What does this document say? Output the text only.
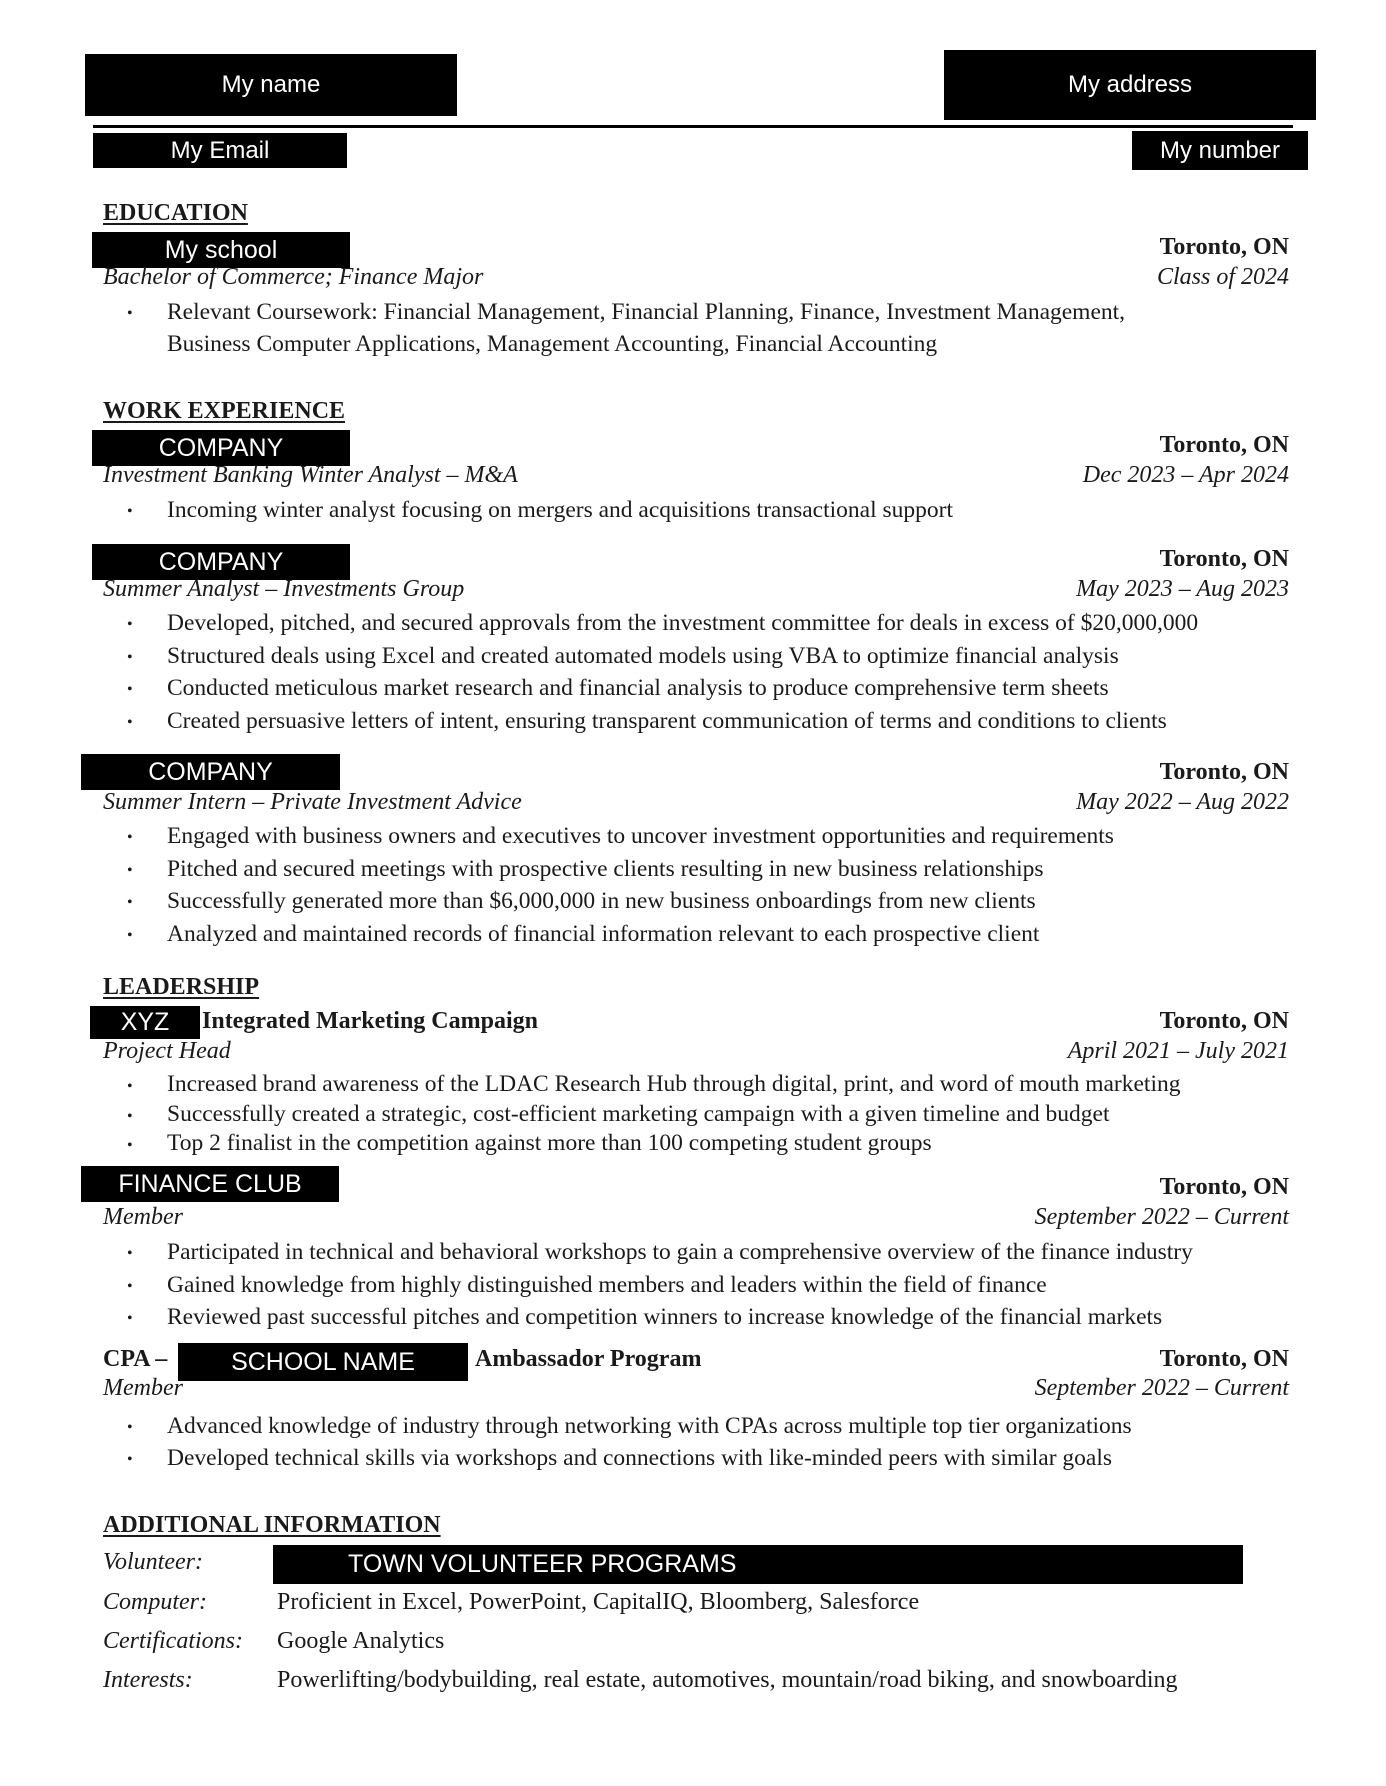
My name	My address
My Email	My number
EDUCATION
My school	Toronto, ON
Bachelor of Commerce; Finance Major	Class of 2024
• Relevant Coursework: Financial Management, Financial Planning, Finance, Investment Management,
Business Computer Applications, Management Accounting, Financial Accounting
WORK EXPERIENCE
COMPANY	Toronto, ON
Investment Banking Winter Analyst – M&A	Dec 2023 – Apr 2024
• Incoming winter analyst focusing on mergers and acquisitions transactional support
COMPANY	Toronto, ON
Summer Analyst – Investments Group	May 2023 – Aug 2023
• Developed, pitched, and secured approvals from the investment committee for deals in excess of $20,000,000
• Structured deals using Excel and created automated models using VBA to optimize financial analysis
• Conducted meticulous market research and financial analysis to produce comprehensive term sheets
• Created persuasive letters of intent, ensuring transparent communication of terms and conditions to clients
COMPANY	Toronto, ON
Summer Intern – Private Investment Advice	May 2022 – Aug 2022
• Engaged with business owners and executives to uncover investment opportunities and requirements
• Pitched and secured meetings with prospective clients resulting in new business relationships
• Successfully generated more than $6,000,000 in new business onboardings from new clients
• Analyzed and maintained records of financial information relevant to each prospective client
LEADERSHIP
XYZ	Integrated Marketing Campaign	Toronto, ON
Project Head	April 2021 – July 2021
• Increased brand awareness of the LDAC Research Hub through digital, print, and word of mouth marketing
• Successfully created a strategic, cost-efficient marketing campaign with a given timeline and budget
• Top 2 finalist in the competition against more than 100 competing student groups
FINANCE CLUB	Toronto, ON
Member	September 2022 – Current
• Participated in technical and behavioral workshops to gain a comprehensive overview of the finance industry
• Gained knowledge from highly distinguished members and leaders within the field of finance
• Reviewed past successful pitches and competition winners to increase knowledge of the financial markets
CPA –	SCHOOL NAME	Ambassador Program	Toronto, ON
Member	September 2022 – Current
• Advanced knowledge of industry through networking with CPAs across multiple top tier organizations
• Developed technical skills via workshops and connections with like-minded peers with similar goals
ADDITIONAL INFORMATION
Volunteer:	TOWN VOLUNTEER PROGRAMS
Computer:	Proficient in Excel, PowerPoint, CapitalIQ, Bloomberg, Salesforce
Certifications: Google Analytics
Interests:	Powerlifting/bodybuilding, real estate, automotives, mountain/road biking, and snowboarding
